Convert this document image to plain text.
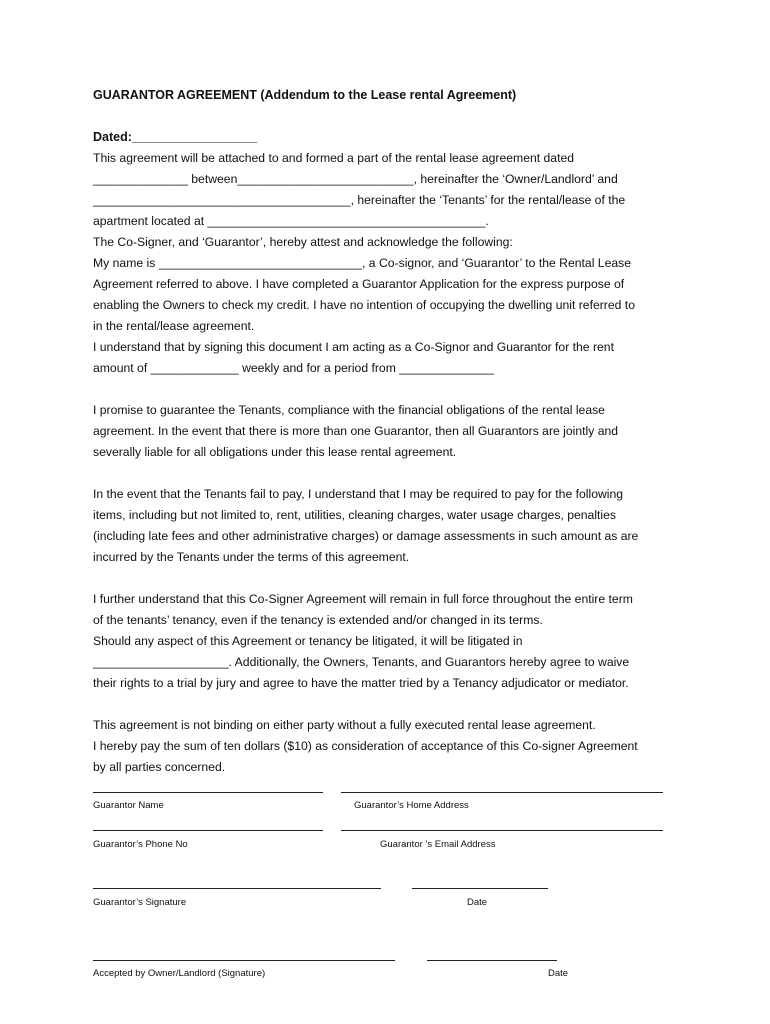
GUARANTOR AGREEMENT (Addendum to the Lease rental Agreement)
Dated:__________________
This agreement will be attached to and formed a part of the rental lease agreement dated
______________ between__________________________, hereinafter the ‘Owner/Landlord’ and
______________________________________, hereinafter the ‘Tenants’ for the rental/lease of the
apartment located at _________________________________________.
The Co-Signer, and ‘Guarantor’, hereby attest and acknowledge the following:
My name is ______________________________, a Co-signor, and ‘Guarantor’ to the Rental Lease
Agreement referred to above. I have completed a Guarantor Application for the express purpose of
enabling the Owners to check my credit. I have no intention of occupying the dwelling unit referred to
in the rental/lease agreement.
I understand that by signing this document I am acting as a Co-Signor and Guarantor for the rent
amount of _____________ weekly and for a period from ______________
I promise to guarantee the Tenants, compliance with the financial obligations of the rental lease
agreement. In the event that there is more than one Guarantor, then all Guarantors are jointly and
severally liable for all obligations under this lease rental agreement.
In the event that the Tenants fail to pay, I understand that I may be required to pay for the following
items, including but not limited to, rent, utilities, cleaning charges, water usage charges, penalties
(including late fees and other administrative charges) or damage assessments in such amount as are
incurred by the Tenants under the terms of this agreement.
I further understand that this Co-Signer Agreement will remain in full force throughout the entire term
of the tenants’ tenancy, even if the tenancy is extended and/or changed in its terms.
Should any aspect of this Agreement or tenancy be litigated, it will be litigated in
____________________. Additionally, the Owners, Tenants, and Guarantors hereby agree to waive
their rights to a trial by jury and agree to have the matter tried by a Tenancy adjudicator or mediator.
This agreement is not binding on either party without a fully executed rental lease agreement.
I hereby pay the sum of ten dollars ($10) as consideration of acceptance of this Co-signer Agreement
by all parties concerned.
Guarantor Name	Guarantor’s Home Address
Guarantor’s Phone No	Guarantor ’s Email Address
Guarantor’s Signature	Date
Accepted by Owner/Landlord (Signature)	Date
